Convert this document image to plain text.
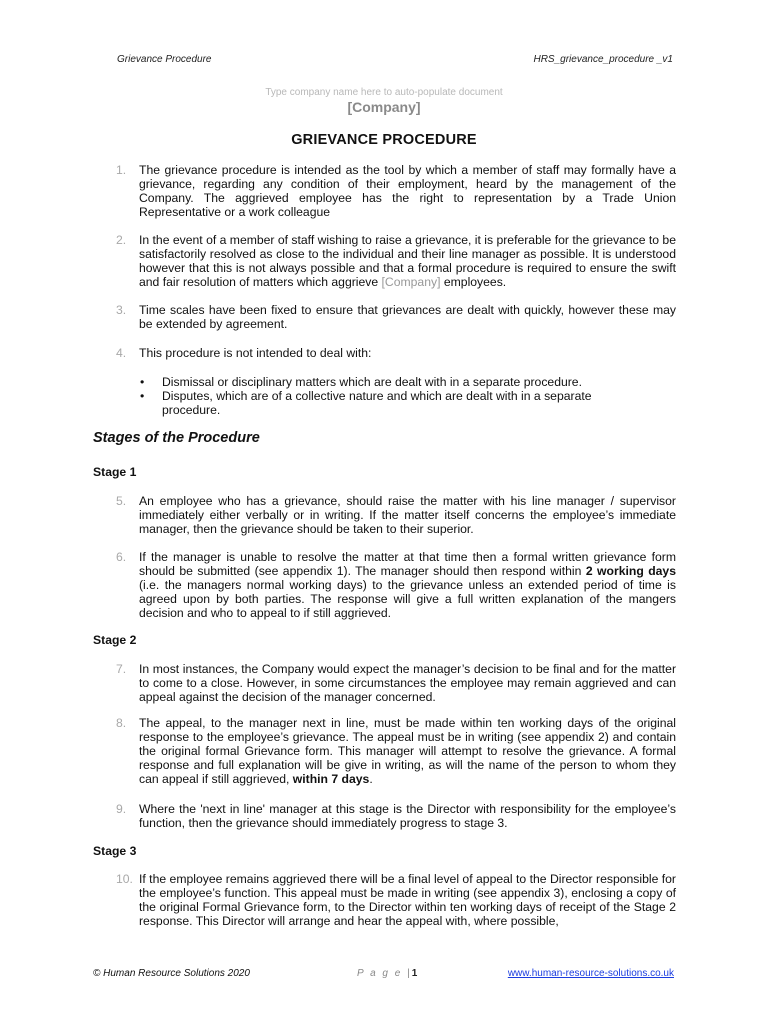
Grievance Procedure	HRS_grievance_procedure _v1
Type company name here to auto-populate document
[Company]
GRIEVANCE PROCEDURE
1. The grievance procedure is intended as the tool by which a member of staff may formally have a grievance, regarding any condition of their employment, heard by the management of the Company. The aggrieved employee has the right to representation by a Trade Union Representative or a work colleague
2. In the event of a member of staff wishing to raise a grievance, it is preferable for the grievance to be satisfactorily resolved as close to the individual and their line manager as possible. It is understood however that this is not always possible and that a formal procedure is required to ensure the swift and fair resolution of matters which aggrieve [Company] employees.
3. Time scales have been fixed to ensure that grievances are dealt with quickly, however these may be extended by agreement.
4. This procedure is not intended to deal with:
• Dismissal or disciplinary matters which are dealt with in a separate procedure.
• Disputes, which are of a collective nature and which are dealt with in a separate procedure.
Stages of the Procedure
Stage 1
5. An employee who has a grievance, should raise the matter with his line manager / supervisor immediately either verbally or in writing. If the matter itself concerns the employee’s immediate manager, then the grievance should be taken to their superior.
6. If the manager is unable to resolve the matter at that time then a formal written grievance form should be submitted (see appendix 1). The manager should then respond within 2 working days (i.e. the managers normal working days) to the grievance unless an extended period of time is agreed upon by both parties. The response will give a full written explanation of the mangers decision and who to appeal to if still aggrieved.
Stage 2
7. In most instances, the Company would expect the manager’s decision to be final and for the matter to come to a close. However, in some circumstances the employee may remain aggrieved and can appeal against the decision of the manager concerned.
8. The appeal, to the manager next in line, must be made within ten working days of the original response to the employee’s grievance. The appeal must be in writing (see appendix 2) and contain the original formal Grievance form. This manager will attempt to resolve the grievance. A formal response and full explanation will be give in writing, as will the name of the person to whom they can appeal if still aggrieved, within 7 days.
9. Where the 'next in line' manager at this stage is the Director with responsibility for the employee’s function, then the grievance should immediately progress to stage 3.
Stage 3
10. If the employee remains aggrieved there will be a final level of appeal to the Director responsible for the employee’s function. This appeal must be made in writing (see appendix 3), enclosing a copy of the original Formal Grievance form, to the Director within ten working days of receipt of the Stage 2 response. This Director will arrange and hear the appeal with, where possible,
© Human Resource Solutions 2020	P a g e |1	www.human-resource-solutions.co.uk
